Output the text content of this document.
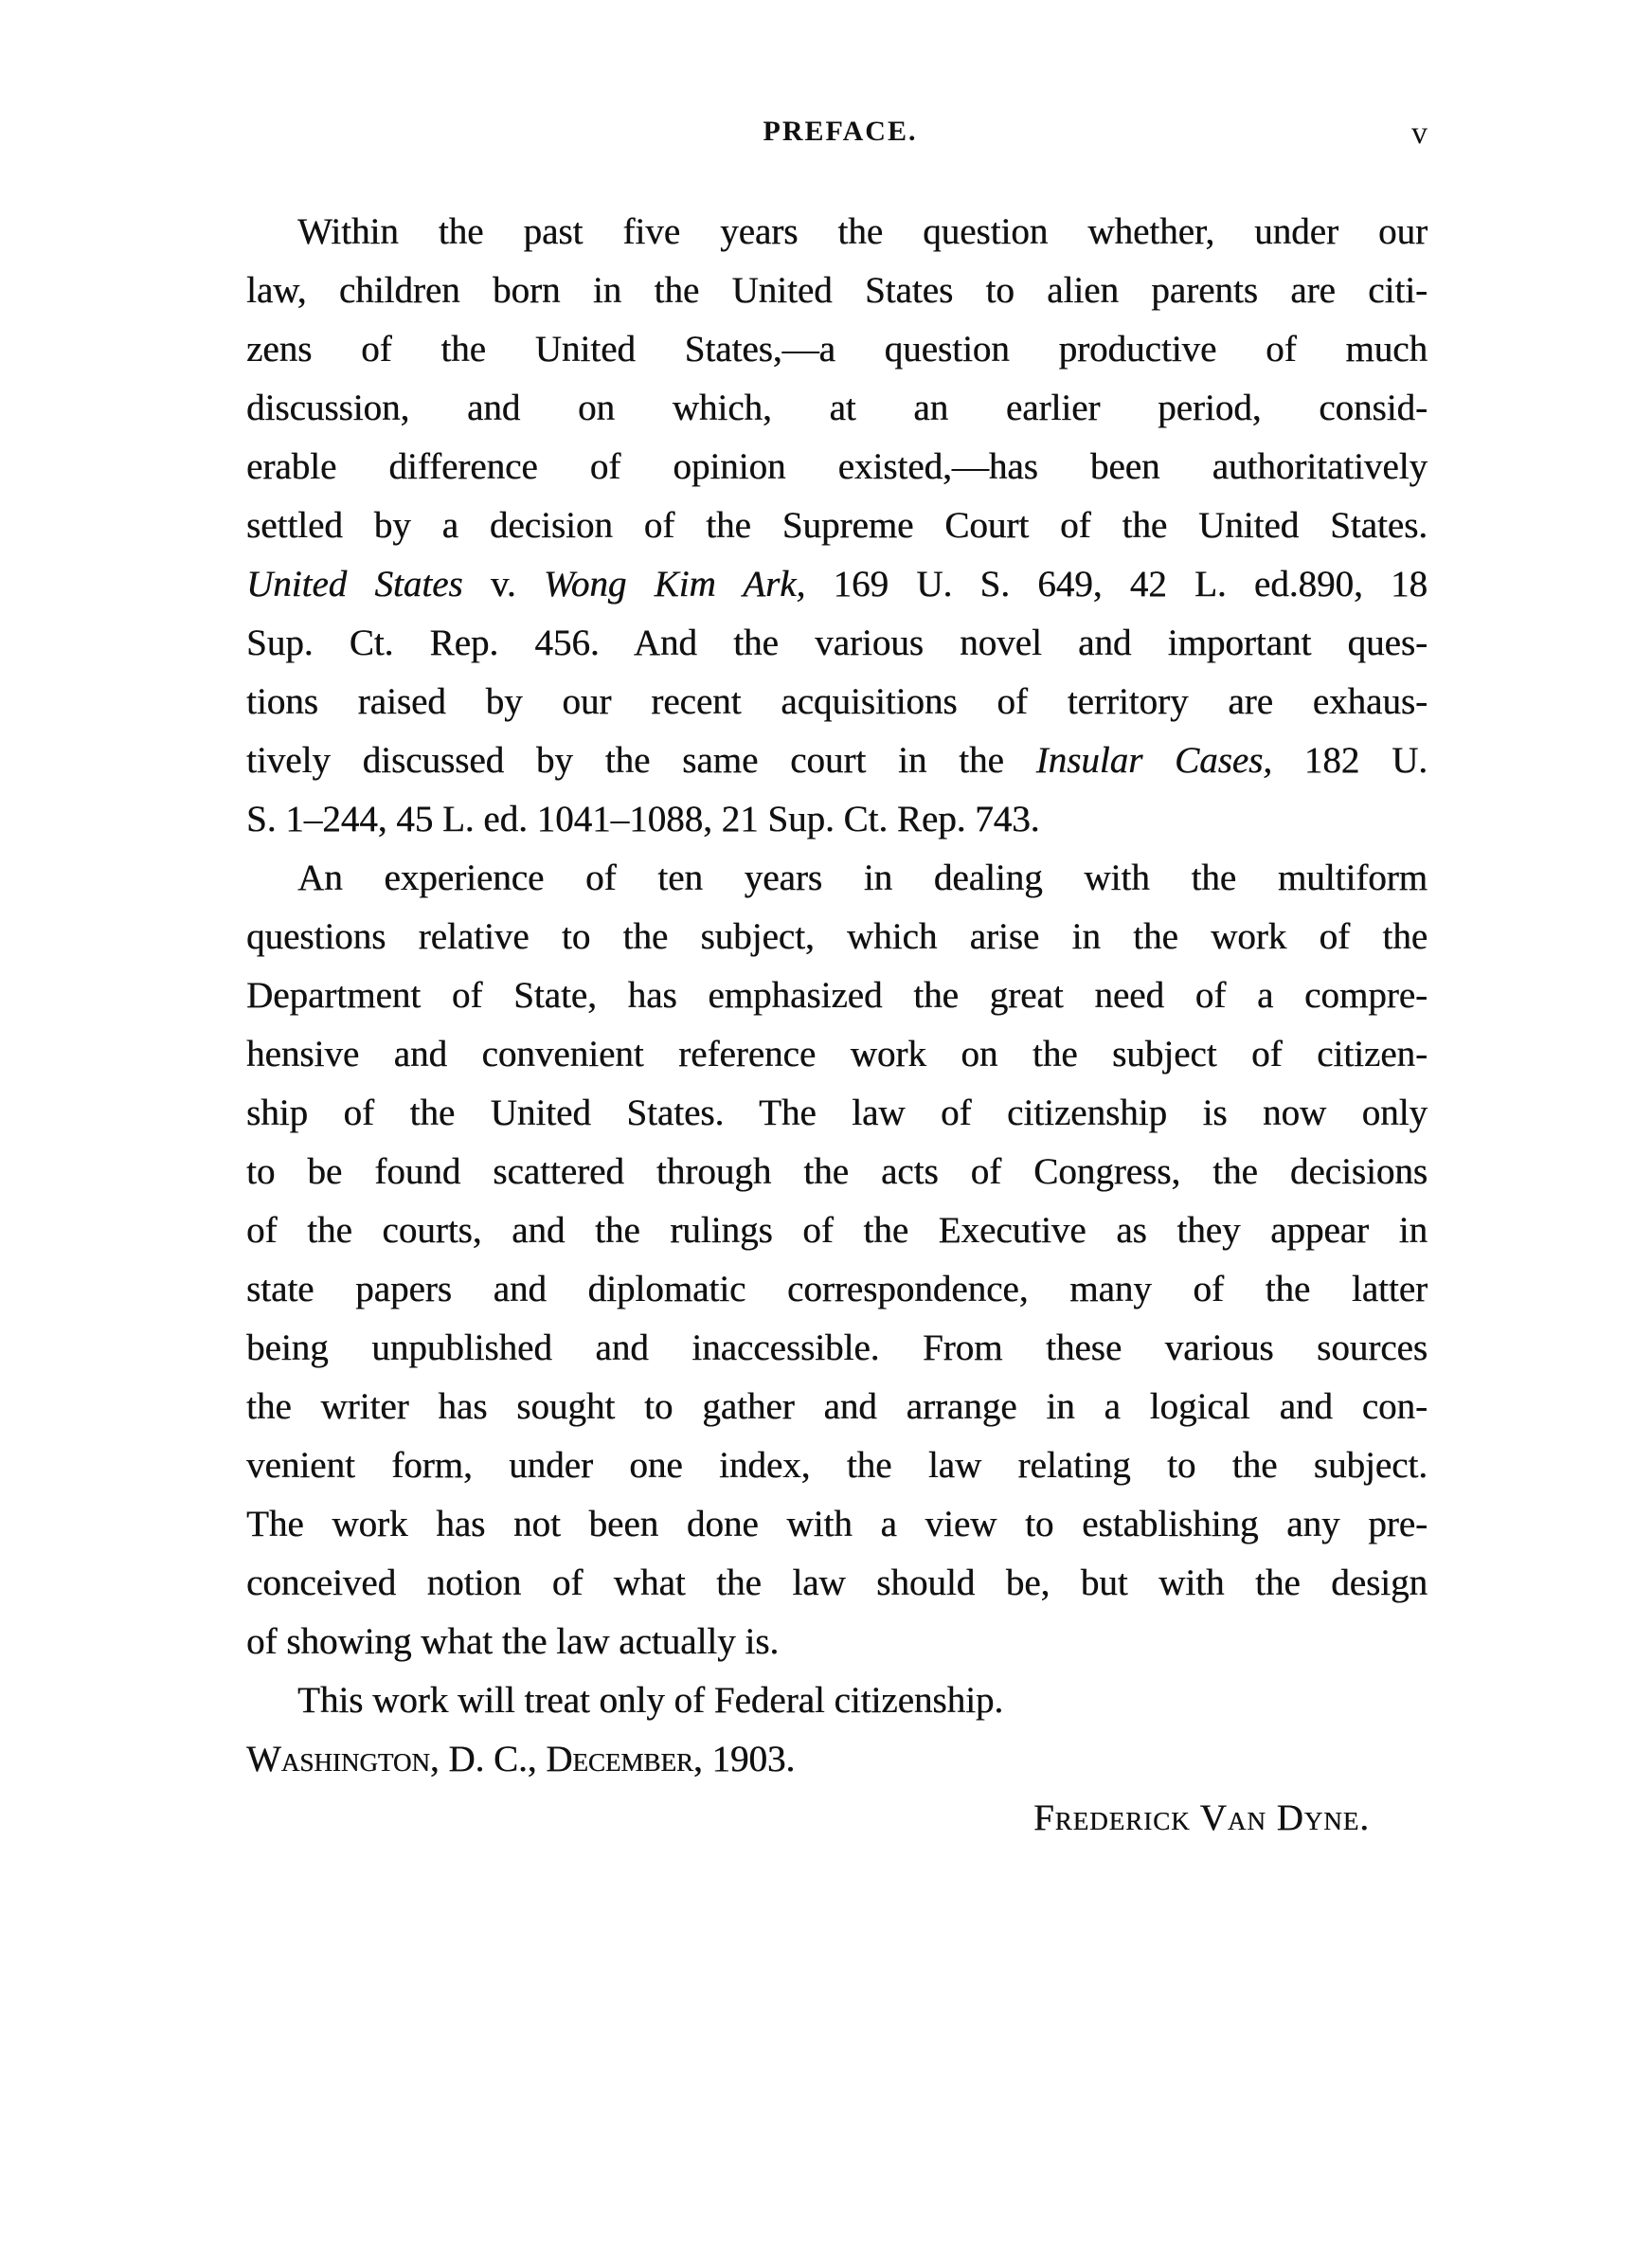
PREFACE.	v
Within the past five years the question whether, under our
law, children born in the United States to alien parents are citi-
zens of the United States,—a question productive of much
discussion, and on which, at an earlier period, consid-
erable difference of opinion existed,—has been authoritatively
settled by a decision of the Supreme Court of the United States.
United States v. Wong Kim Ark, 169 U. S. 649, 42 L. ed.890, 18
Sup. Ct. Rep. 456. And the various novel and important ques-
tions raised by our recent acquisitions of territory are exhaus-
tively discussed by the same court in the Insular Cases, 182 U.
S. 1–244, 45 L. ed. 1041–1088, 21 Sup. Ct. Rep. 743.
An experience of ten years in dealing with the multiform
questions relative to the subject, which arise in the work of the
Department of State, has emphasized the great need of a compre-
hensive and convenient reference work on the subject of citizen-
ship of the United States. The law of citizenship is now only
to be found scattered through the acts of Congress, the decisions
of the courts, and the rulings of the Executive as they appear in
state papers and diplomatic correspondence, many of the latter
being unpublished and inaccessible. From these various sources
the writer has sought to gather and arrange in a logical and con-
venient form, under one index, the law relating to the subject.
The work has not been done with a view to establishing any pre-
conceived notion of what the law should be, but with the design
of showing what the law actually is.
This work will treat only of Federal citizenship.
Washington, D. C., December, 1903.
Frederick Van Dyne.
